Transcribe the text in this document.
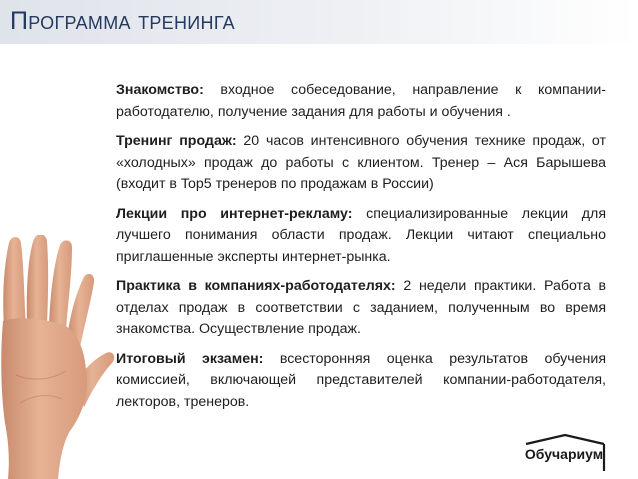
Программа тренинга

Знакомство: входное собеседование, направление к компании-работодателю, получение задания для работы и обучения .

Тренинг продаж: 20 часов интенсивного обучения технике продаж, от «холодных» продаж до работы с клиентом. Тренер – Ася Барышева (входит в Top5 тренеров по продажам в России)

Лекции про интернет-рекламу: специализированные лекции для лучшего понимания области продаж. Лекции читают специально приглашенные эксперты интернет-рынка.

Практика в компаниях-работодателях: 2 недели практики. Работа в отделах продаж в соответствии с заданием, полученным во время знакомства. Осуществление продаж.

Итоговый экзамен: всесторонняя оценка результатов обучения комиссией, включающей представителей компании-работодателя, лекторов, тренеров.

Обучариум
